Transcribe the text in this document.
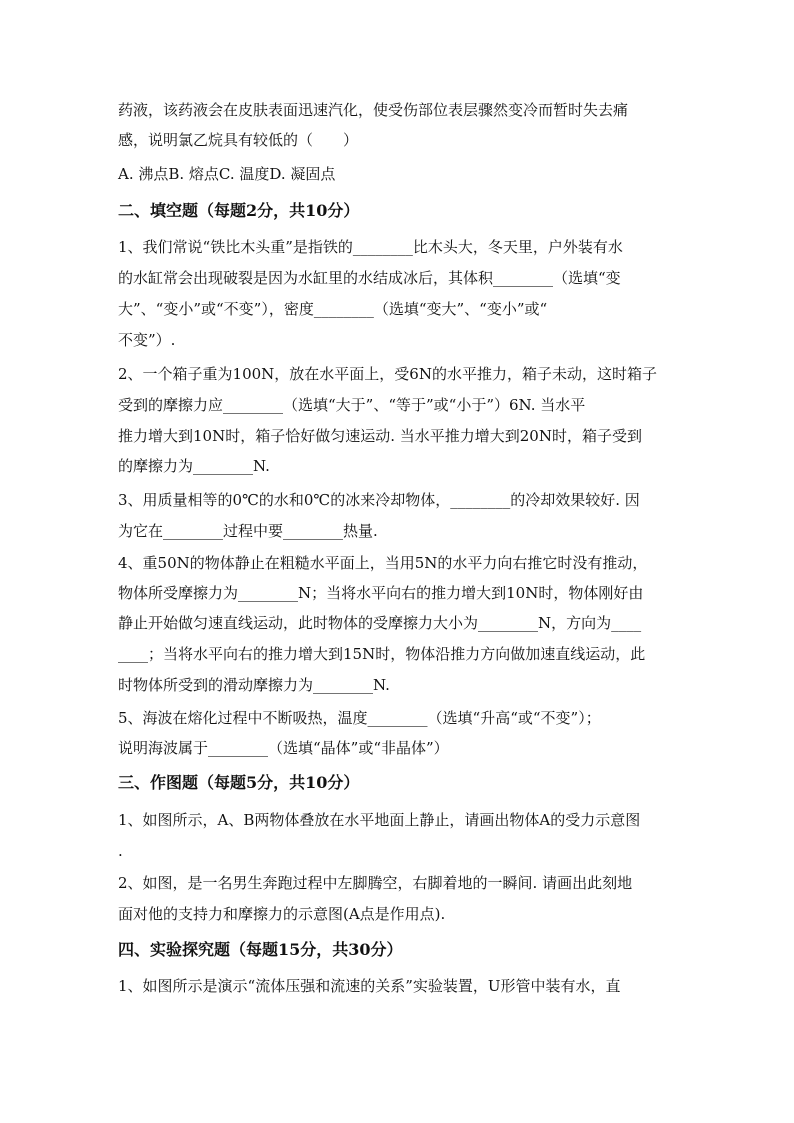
药液，该药液会在皮肤表面迅速汽化，使受伤部位表层骤然变冷而暂时失去痛
感，说明氯乙烷具有较低的（　　）
A. 沸点B. 熔点C. 温度D. 凝固点
二、填空题（每题2分，共10分）
1、我们常说“铁比木头重”是指铁的________比木头大，冬天里，户外装有水
的水缸常会出现破裂是因为水缸里的水结成冰后，其体积________（选填“变
大”、“变小”或“不变”），密度________（选填“变大”、“变小”或“
不变”）.
2、一个箱子重为100N，放在水平面上，受6N的水平推力，箱子未动，这时箱子
受到的摩擦力应________（选填“大于”、“等于”或“小于”）6N. 当水平
推力增大到10N时，箱子恰好做匀速运动. 当水平推力增大到20N时，箱子受到
的摩擦力为________N.
3、用质量相等的0℃的水和0℃的冰来冷却物体，________的冷却效果较好. 因
为它在________过程中要________热量.
4、重50N的物体静止在粗糙水平面上，当用5N的水平力向右推它时没有推动，
物体所受摩擦力为________N；当将水平向右的推力增大到10N时，物体刚好由
静止开始做匀速直线运动，此时物体的受摩擦力大小为________N，方向为____
____；当将水平向右的推力增大到15N时，物体沿推力方向做加速直线运动，此
时物体所受到的滑动摩擦力为________N.
5、海波在熔化过程中不断吸热，温度________（选填“升高“或“不变”）；
说明海波属于________（选填“晶体”或“非晶体”）
三、作图题（每题5分，共10分）
1、如图所示，A、B两物体叠放在水平地面上静止，请画出物体A的受力示意图
.
2、如图，是一名男生奔跑过程中左脚腾空，右脚着地的一瞬间. 请画出此刻地
面对他的支持力和摩擦力的示意图(A点是作用点).
四、实验探究题（每题15分，共30分）
1、如图所示是演示“流体压强和流速的关系”实验装置，U形管中装有水，直
